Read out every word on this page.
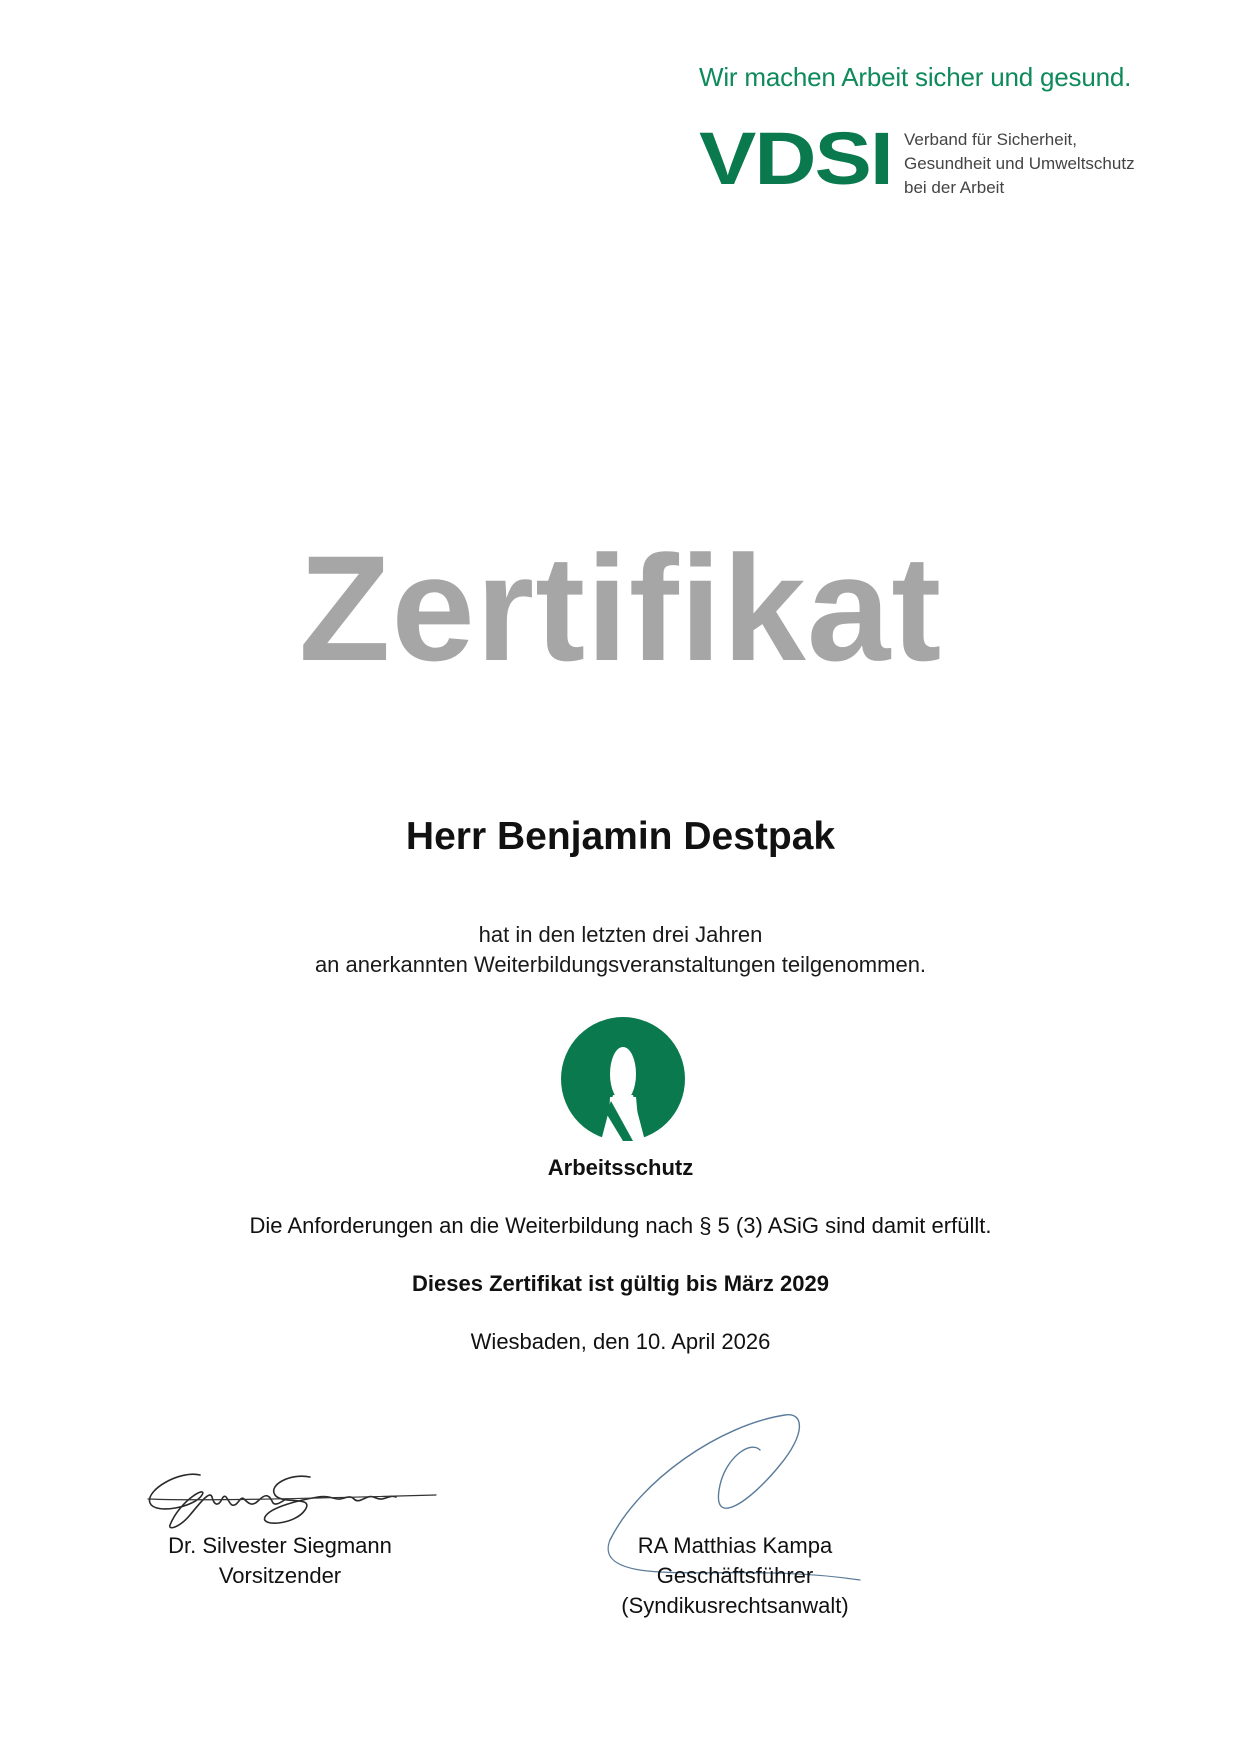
Wir machen Arbeit sicher und gesund.
VDSI Verband für Sicherheit,
Gesundheit und Umweltschutz
bei der Arbeit
Zertifikat
Herr Benjamin Destpak
hat in den letzten drei Jahren
an anerkannten Weiterbildungsveranstaltungen teilgenommen.
Arbeitsschutz
Die Anforderungen an die Weiterbildung nach § 5 (3) ASiG sind damit erfüllt.
Dieses Zertifikat ist gültig bis März 2029
Wiesbaden, den 10. April 2026
Dr. Silvester Siegmann
Vorsitzender
RA Matthias Kampa
Geschäftsführer
(Syndikusrechtsanwalt)
